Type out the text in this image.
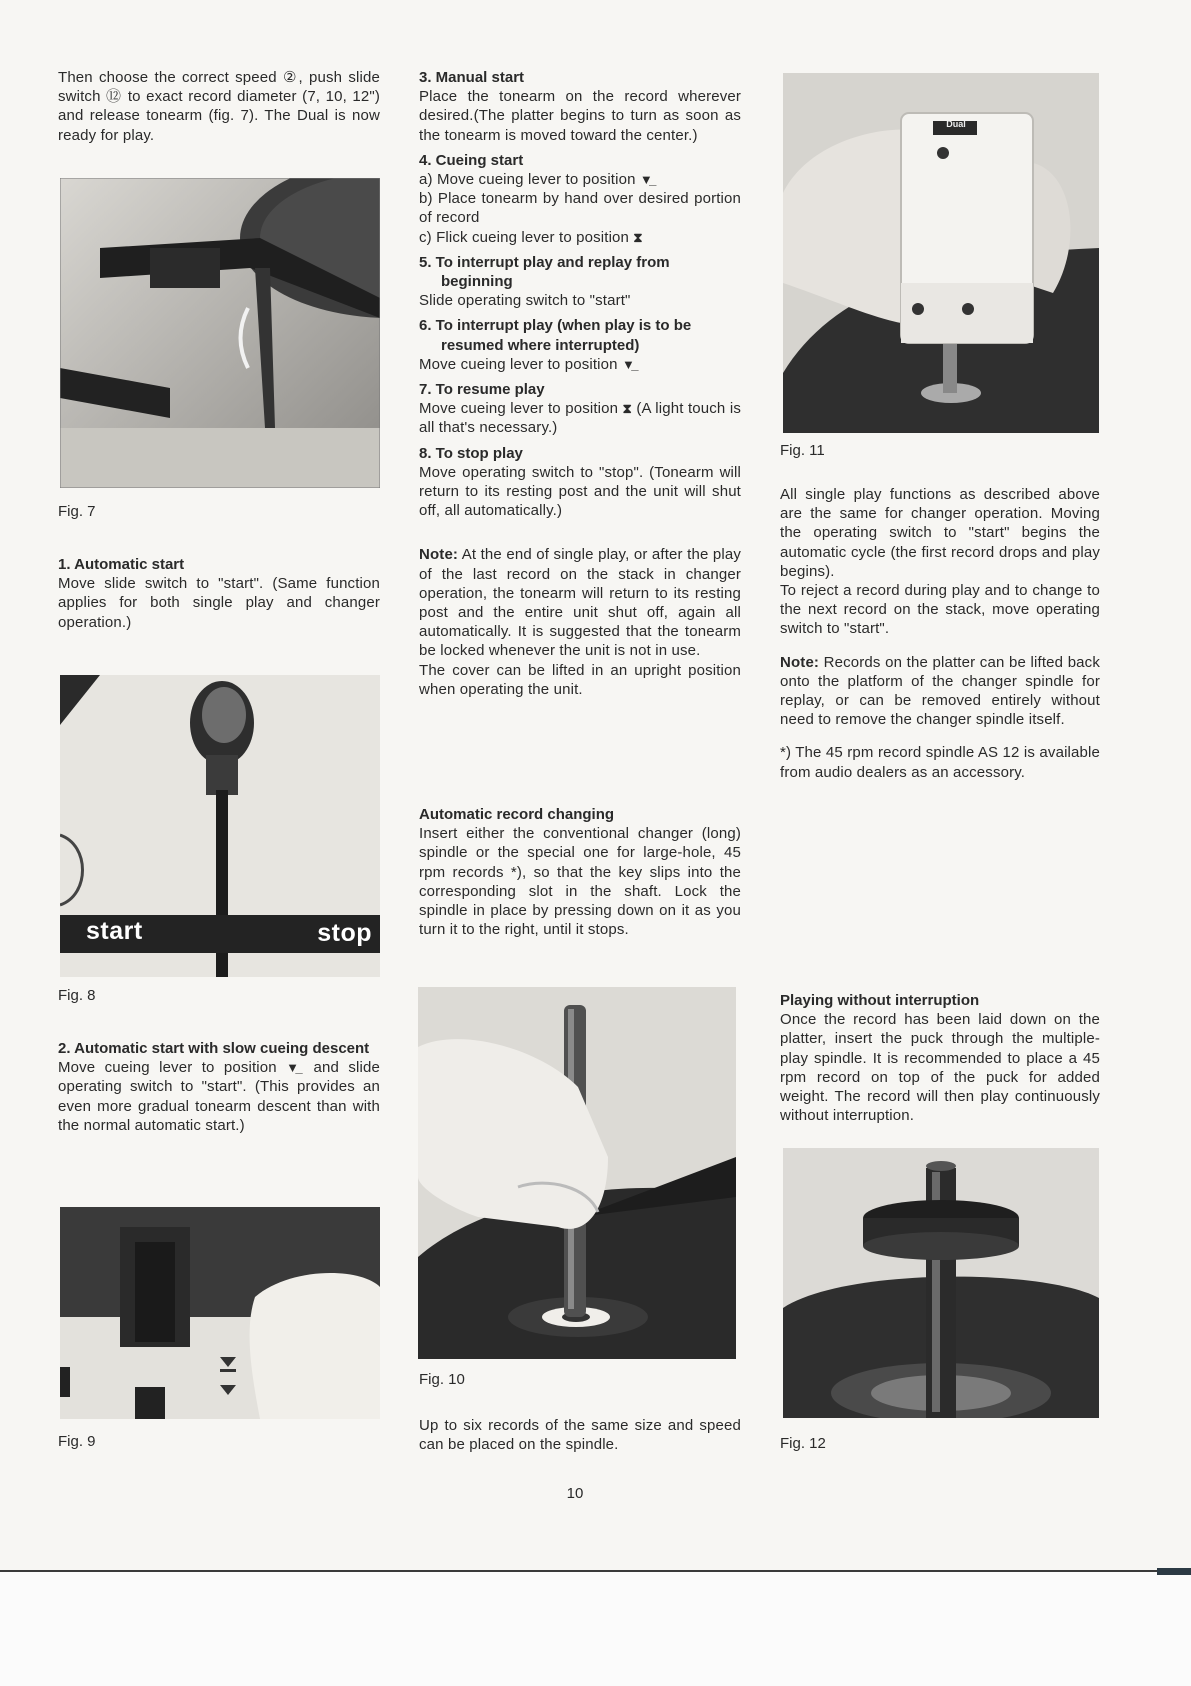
Then choose the correct speed ②, push slide switch ⑫ to exact record diameter (7, 10, 12") and release tonearm (fig. 7). The Dual is now ready for play.

Fig. 7

1. Automatic start

Move slide switch to "start". (Same function applies for both single play and changer operation.)

start	stop
Fig. 8

2. Automatic start with slow cueing descent

Move cueing lever to position ▼̲ and slide operating switch to "start". (This provides an even more gradual tonearm descent than with the normal automatic start.)

Fig. 9

3. Manual start

Place the tonearm on the record wherever desired.(The platter begins to turn as soon as the tonearm is moved toward the center.)

4. Cueing start

a) Move cueing lever to position ▼̲

b) Place tonearm by hand over desired portion of record

c) Flick cueing lever to position ⧗

5. To interrupt play and replay from beginning

Slide operating switch to "start"

6. To interrupt play (when play is to be resumed where interrupted)

Move cueing lever to position ▼̲

7. To resume play

Move cueing lever to position ⧗ (A light touch is all that's necessary.)

8. To stop play

Move operating switch to "stop". (Tonearm will return to its resting post and the unit will shut off, all automatically.)

Note: At the end of single play, or after the play of the last record on the stack in changer operation, the tonearm will return to its resting post and the entire unit shut off, again all automatically. It is suggested that the tonearm be locked whenever the unit is not in use.

The cover can be lifted in an upright position when operating the unit.

Automatic record changing

Insert either the conventional changer (long) spindle or the special one for large-hole, 45 rpm records *), so that the key slips into the corresponding slot in the shaft. Lock the spindle in place by pressing down on it as you turn it to the right, until it stops.

Fig. 10

Up to six records of the same size and speed can be placed on the spindle.

Dual
Fig. 11

All single play functions as described above are the same for changer operation. Moving the operating switch to "start" begins the automatic cycle (the first record drops and play begins).

To reject a record during play and to change to the next record on the stack, move operating switch to "start".

Note: Records on the platter can be lifted back onto the platform of the changer spindle for replay, or can be removed entirely without need to remove the changer spindle itself.

*) The 45 rpm record spindle AS 12 is available from audio dealers as an accessory.

Playing without interruption

Once the record has been laid down on the platter, insert the puck through the multiple-play spindle. It is recommended to place a 45 rpm record on top of the puck for added weight. The record will then play continuously without interruption.

Fig. 12
10
